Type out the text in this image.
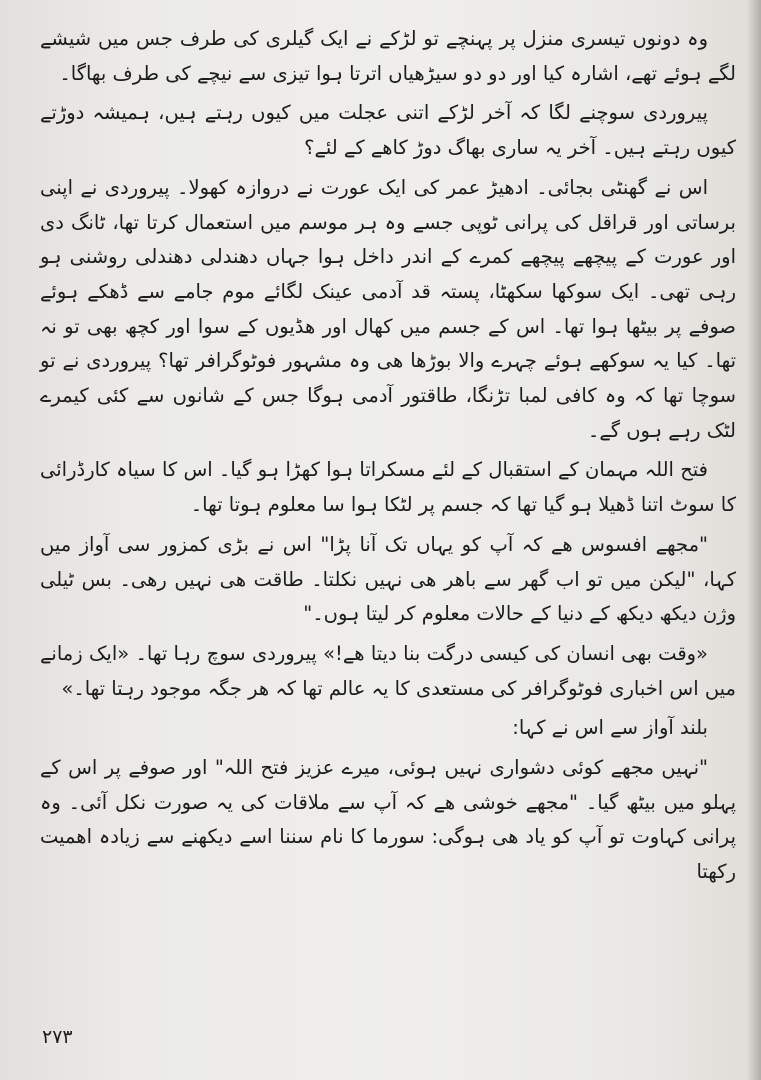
وہ دونوں تیسری منزل پر پہنچے تو لڑکے نے ایک گیلری کی طرف جس میں شیشے لگے ہوئے تھے، اشارہ کیا اور دو دو سیڑھیاں اترتا ہوا تیزی سے نیچے کی طرف بھاگا۔

پیروردی سوچنے لگا کہ آخر لڑکے اتنی عجلت میں کیوں رہتے ہیں، ہمیشہ دوڑتے کیوں رہتے ہیں۔ آخر یہ ساری بھاگ دوڑ کاھے کے لئے؟

اس نے گھنٹی بجائی۔ ادھیڑ عمر کی ایک عورت نے دروازہ کھولا۔ پیروردی نے اپنی برساتی اور قراقل کی پرانی ٹوپی جسے وہ ہر موسم میں استعمال کرتا تھا، ٹانگ دی اور عورت کے پیچھے پیچھے کمرے کے اندر داخل ہوا جہاں دھندلی دھندلی روشنی ہو رہی تھی۔ ایک سوکھا سکھٹا، پستہ قد آدمی عینک لگائے موم جامے سے ڈھکے ہوئے صوفے پر بیٹھا ہوا تھا۔ اس کے جسم میں کھال اور ھڈیوں کے سوا اور کچھ بھی تو نہ تھا۔ کیا یہ سوکھے ہوئے چہرے والا بوڑھا ھی وہ مشہور فوٹوگرافر تھا؟ پیروردی نے تو سوچا تھا کہ وہ کافی لمبا تڑنگا، طاقتور آدمی ہوگا جس کے شانوں سے کئی کیمرے لٹک رہے ہوں گے۔

فتح اللہ مہمان کے استقبال کے لئے مسکراتا ہوا کھڑا ہو گیا۔ اس کا سیاہ کارڈرائی کا سوٹ اتنا ڈھیلا ہو گیا تھا کہ جسم پر لٹکا ہوا سا معلوم ہوتا تھا۔

"مجھے افسوس ھے کہ آپ کو یہاں تک آنا پڑا" اس نے بڑی کمزور سی آواز میں کہا، "لیکن میں تو اب گھر سے باھر ھی نہیں نکلتا۔ طاقت ھی نہیں رھی۔ بس ٹیلی وژن دیکھ دیکھ کے دنیا کے حالات معلوم کر لیتا ہوں۔"

«وقت بھی انسان کی کیسی درگت بنا دیتا ھے!» پیروردی سوچ رہا تھا۔ «ایک زمانے میں اس اخباری فوٹوگرافر کی مستعدی کا یہ عالم تھا کہ ھر جگہ موجود رہتا تھا۔»

بلند آواز سے اس نے کہا:

"نہیں مجھے کوئی دشواری نہیں ہوئی، میرے عزیز فتح اللہ" اور صوفے پر اس کے پہلو میں بیٹھ گیا۔ "مجھے خوشی ھے کہ آپ سے ملاقات کی یہ صورت نکل آئی۔ وہ پرانی کہاوت تو آپ کو یاد ھی ہوگی: سورما کا نام سننا اسے دیکھنے سے زیادہ اھمیت رکھتا

۲۷۳
